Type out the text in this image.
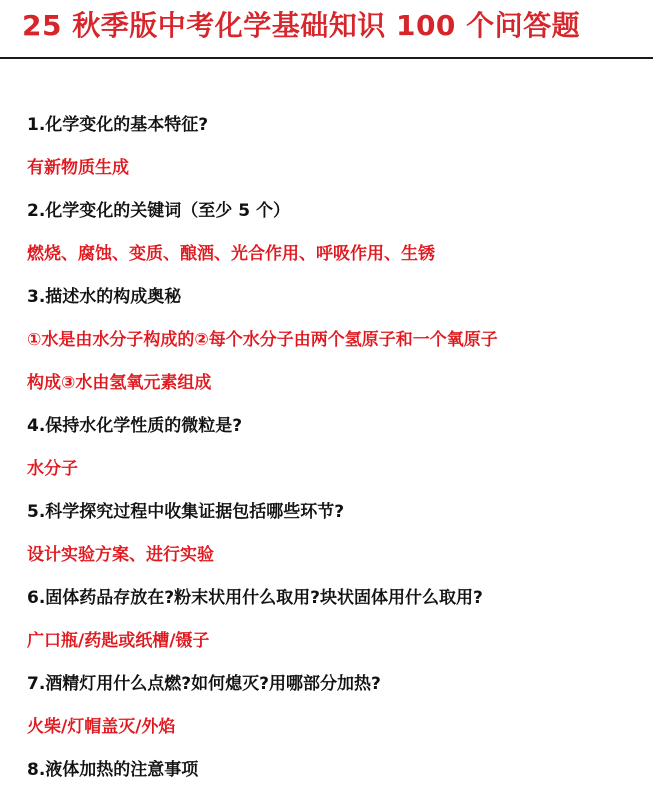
25 秋季版中考化学基础知识 100 个问答题
1.化学变化的基本特征?
有新物质生成
2.化学变化的关键词（至少 5 个）
燃烧、腐蚀、变质、酿酒、光合作用、呼吸作用、生锈
3.描述水的构成奥秘
①水是由水分子构成的②每个水分子由两个氢原子和一个氧原子
构成③水由氢氧元素组成
4.保持水化学性质的微粒是?
水分子
5.科学探究过程中收集证据包括哪些环节?
设计实验方案、进行实验
6.固体药品存放在?粉末状用什么取用?块状固体用什么取用?
广口瓶/药匙或纸槽/镊子
7.酒精灯用什么点燃?如何熄灭?用哪部分加热?
火柴/灯帽盖灭/外焰
8.液体加热的注意事项
